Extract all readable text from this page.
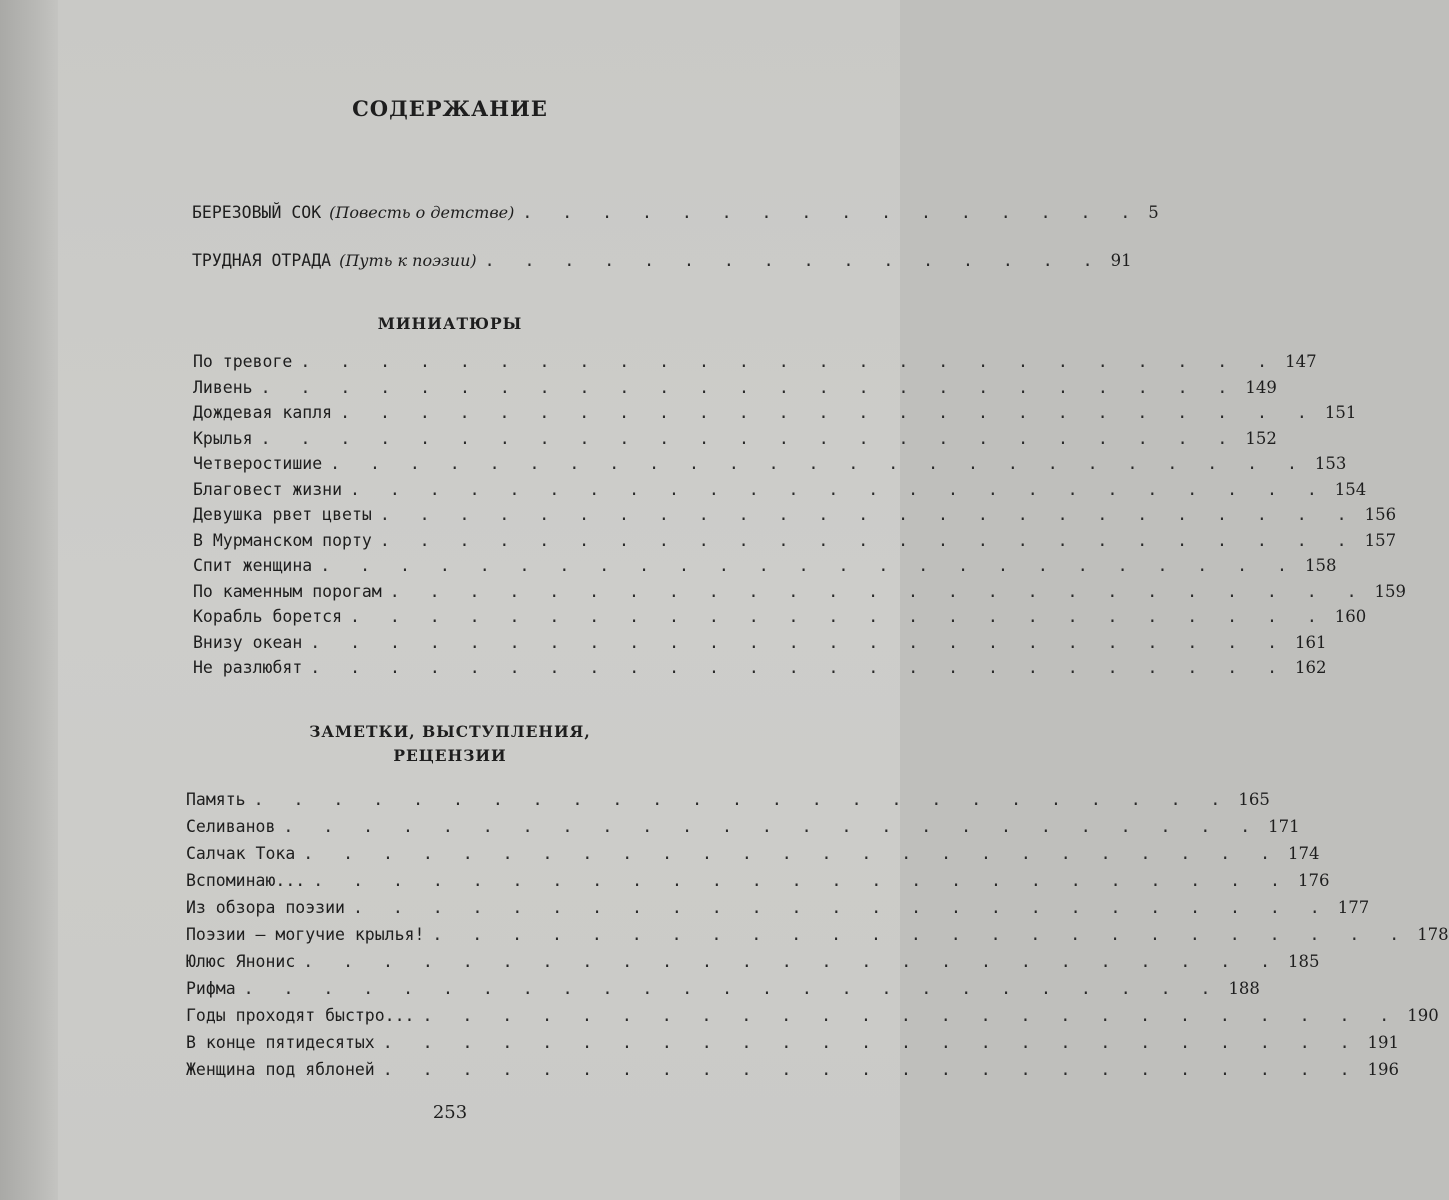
СОДЕРЖАНИЕ
БЕРЕЗОВЫЙ СОК (Повесть о детстве) . . . . . . . . . . . . . . . . 5
ТРУДНАЯ ОТРАДА (Путь к поэзии) . . . . . . . . . . . . . . . . 91
МИНИАТЮРЫ
По тревоге . . . . . . . . . . . . . . . . . . . . . . . . . 147
Ливень . . . . . . . . . . . . . . . . . . . . . . . . . 149
Дождевая капля . . . . . . . . . . . . . . . . . . . . . . . . . 151
Крылья . . . . . . . . . . . . . . . . . . . . . . . . . 152
Четверостишие . . . . . . . . . . . . . . . . . . . . . . . . . 153
Благовест жизни . . . . . . . . . . . . . . . . . . . . . . . . . 154
Девушка рвет цветы . . . . . . . . . . . . . . . . . . . . . . . . . 156
В Мурманском порту . . . . . . . . . . . . . . . . . . . . . . . . . 157
Спит женщина . . . . . . . . . . . . . . . . . . . . . . . . . 158
По каменным порогам . . . . . . . . . . . . . . . . . . . . . . . . . 159
Корабль борется . . . . . . . . . . . . . . . . . . . . . . . . . 160
Внизу океан . . . . . . . . . . . . . . . . . . . . . . . . . 161
Не разлюбят . . . . . . . . . . . . . . . . . . . . . . . . . 162
ЗАМЕТКИ, ВЫСТУПЛЕНИЯ,
РЕЦЕНЗИИ
Память . . . . . . . . . . . . . . . . . . . . . . . . . 165
Селиванов . . . . . . . . . . . . . . . . . . . . . . . . . 171
Салчак Тока . . . . . . . . . . . . . . . . . . . . . . . . . 174
Вспоминаю... . . . . . . . . . . . . . . . . . . . . . . . . . 176
Из обзора поэзии . . . . . . . . . . . . . . . . . . . . . . . . . 177
Поэзии — могучие крылья! . . . . . . . . . . . . . . . . . . . . . . . . . 178
Юлюс Янонис . . . . . . . . . . . . . . . . . . . . . . . . . 185
Рифма . . . . . . . . . . . . . . . . . . . . . . . . . 188
Годы проходят быстро... . . . . . . . . . . . . . . . . . . . . . . . . . 190
В конце пятидесятых . . . . . . . . . . . . . . . . . . . . . . . . . 191
Женщина под яблоней . . . . . . . . . . . . . . . . . . . . . . . . . 196
253
